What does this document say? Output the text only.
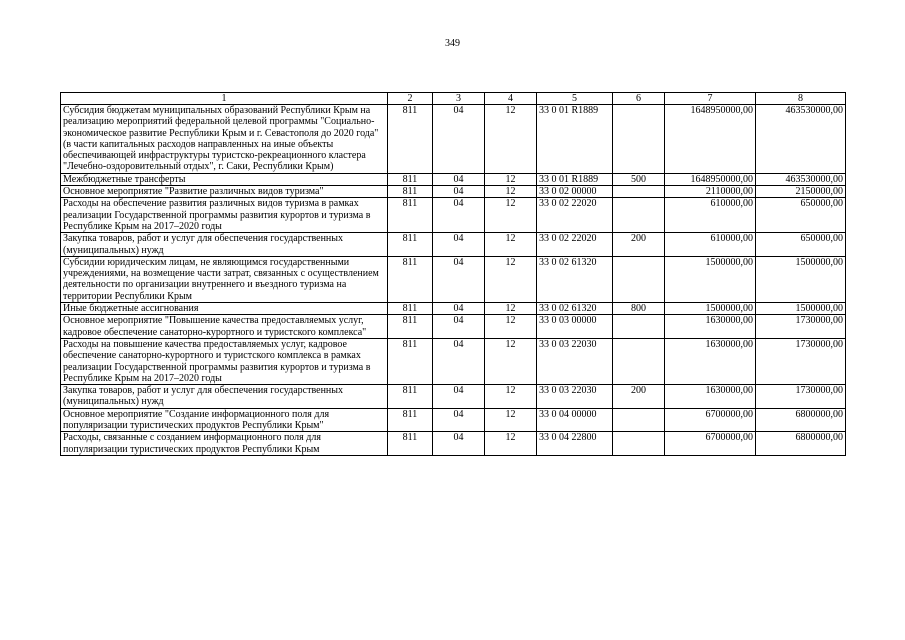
349
1	2	3	4	5	6	7	8
Субсидия бюджетам муниципальных образований Республики Крым на реализацию мероприятий федеральной целевой программы "Социально-экономическое развитие Республики Крым и г. Севастополя до 2020 года" (в части капитальных расходов направленных на иные объекты обеспечивающей инфраструктуры туристско-рекреационного кластера "Лечебно-оздоровительный отдых", г. Саки, Республики Крым)	811	04	12	33 0 01 R1889		1648950000,00	463530000,00
Межбюджетные трансферты	811	04	12	33 0 01 R1889	500	1648950000,00	463530000,00
Основное мероприятие "Развитие различных видов туризма"	811	04	12	33 0 02 00000		2110000,00	2150000,00
Расходы на обеспечение развития различных видов туризма в рамках реализации Государственной программы развития курортов и туризма в Республике Крым на 2017–2020 годы	811	04	12	33 0 02 22020		610000,00	650000,00
Закупка товаров, работ и услуг для обеспечения государственных (муниципальных) нужд	811	04	12	33 0 02 22020	200	610000,00	650000,00
Субсидии юридическим лицам, не являющимся государственными учреждениями, на возмещение части затрат, связанных с осуществлением деятельности по организации внутреннего и въездного туризма на территории Республики Крым	811	04	12	33 0 02 61320		1500000,00	1500000,00
Иные бюджетные ассигнования	811	04	12	33 0 02 61320	800	1500000,00	1500000,00
Основное мероприятие "Повышение качества предоставляемых услуг, кадровое обеспечение санаторно-курортного и туристского комплекса"	811	04	12	33 0 03 00000		1630000,00	1730000,00
Расходы на повышение качества предоставляемых услуг, кадровое обеспечение санаторно-курортного и туристского комплекса в рамках реализации Государственной программы развития курортов и туризма в Республике Крым на 2017–2020 годы	811	04	12	33 0 03 22030		1630000,00	1730000,00
Закупка товаров, работ и услуг для обеспечения государственных (муниципальных) нужд	811	04	12	33 0 03 22030	200	1630000,00	1730000,00
Основное мероприятие "Создание информационного поля для популяризации туристических продуктов Республики Крым"	811	04	12	33 0 04 00000		6700000,00	6800000,00
Расходы, связанные с созданием информационного поля для популяризации туристических продуктов Республики Крым	811	04	12	33 0 04 22800		6700000,00	6800000,00
